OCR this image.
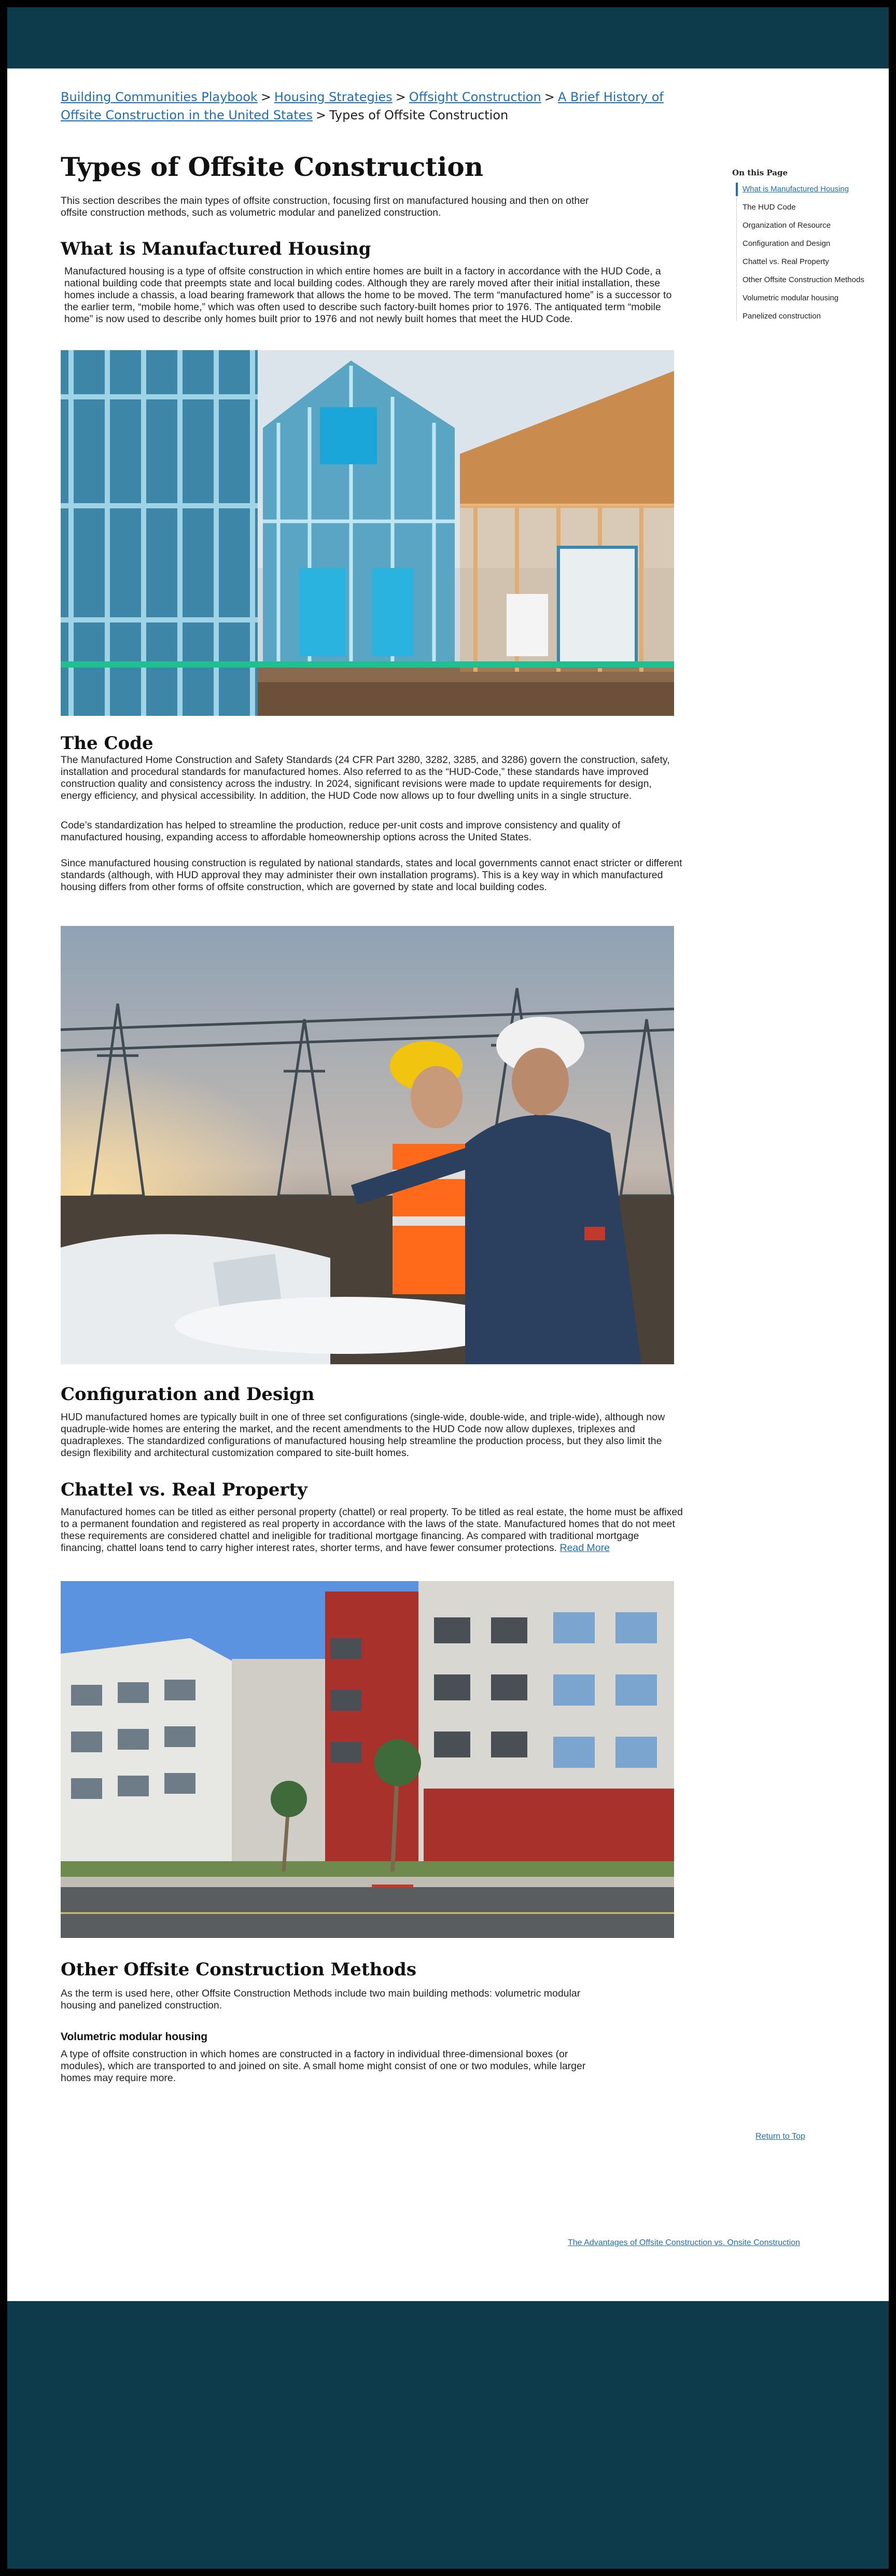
Building Communities Playbook > Housing Strategies > Offsight Construction > A Brief History of Offsite Construction in the United States > Types of Offsite Construction
Types of Offsite Construction

This section describes the main types of offsite construction, focusing first on manufactured housing and then on other offsite construction methods, such as volumetric modular and panelized construction.

What is Manufactured Housing

Manufactured housing is a type of offsite construction in which entire homes are built in a factory in accordance with the HUD Code, a national building code that preempts state and local building codes. Although they are rarely moved after their initial installation, these homes include a chassis, a load bearing framework that allows the home to be moved. The term “manufactured home” is a successor to the earlier term, “mobile home,” which was often used to describe such factory-built homes prior to 1976. The antiquated term “mobile home” is now used to describe only homes built prior to 1976 and not newly built homes that meet the HUD Code.

The Code

The Manufactured Home Construction and Safety Standards (24 CFR Part 3280, 3282, 3285, and 3286) govern the construction, safety, installation and procedural standards for manufactured homes. Also referred to as the “HUD-Code,” these standards have improved construction quality and consistency across the industry. In 2024, significant revisions were made to update requirements for design, energy efficiency, and physical accessibility. In addition, the HUD Code now allows up to four dwelling units in a single structure.

Code’s standardization has helped to streamline the production, reduce per-unit costs and improve consistency and quality of manufactured housing, expanding access to affordable homeownership options across the United States.

Since manufactured housing construction is regulated by national standards, states and local governments cannot enact stricter or different standards (although, with HUD approval they may administer their own installation programs). This is a key way in which manufactured housing differs from other forms of offsite construction, which are governed by state and local building codes.

Configuration and Design

HUD manufactured homes are typically built in one of three set configurations (single-wide, double-wide, and triple-wide), although now quadruple-wide homes are entering the market, and the recent amendments to the HUD Code now allow duplexes, triplexes and quadraplexes. The standardized configurations of manufactured housing help streamline the production process, but they also limit the design flexibility and architectural customization compared to site-built homes.

Chattel vs. Real Property

Manufactured homes can be titled as either personal property (chattel) or real property. To be titled as real estate, the home must be affixed to a permanent foundation and registered as real property in accordance with the laws of the state. Manufactured homes that do not meet these requirements are considered chattel and ineligible for traditional mortgage financing. As compared with traditional mortgage financing, chattel loans tend to carry higher interest rates, shorter terms, and have fewer consumer protections. Read More

Other Offsite Construction Methods

As the term is used here, other Offsite Construction Methods include two main building methods: volumetric modular housing and panelized construction.

Volumetric modular housing

A type of offsite construction in which homes are constructed in a factory in individual three-dimensional boxes (or modules), which are transported to and joined on site. A small home might consist of one or two modules, while larger homes may require more.

On this Page
What is Manufactured Housing
The HUD Code
Organization of Resource
Configuration and Design
Chattel vs. Real Property
Other Offsite Construction Methods
Volumetric modular housing
Panelized construction
Return to Top
The Advantages of Offsite Construction vs. Onsite Construction
